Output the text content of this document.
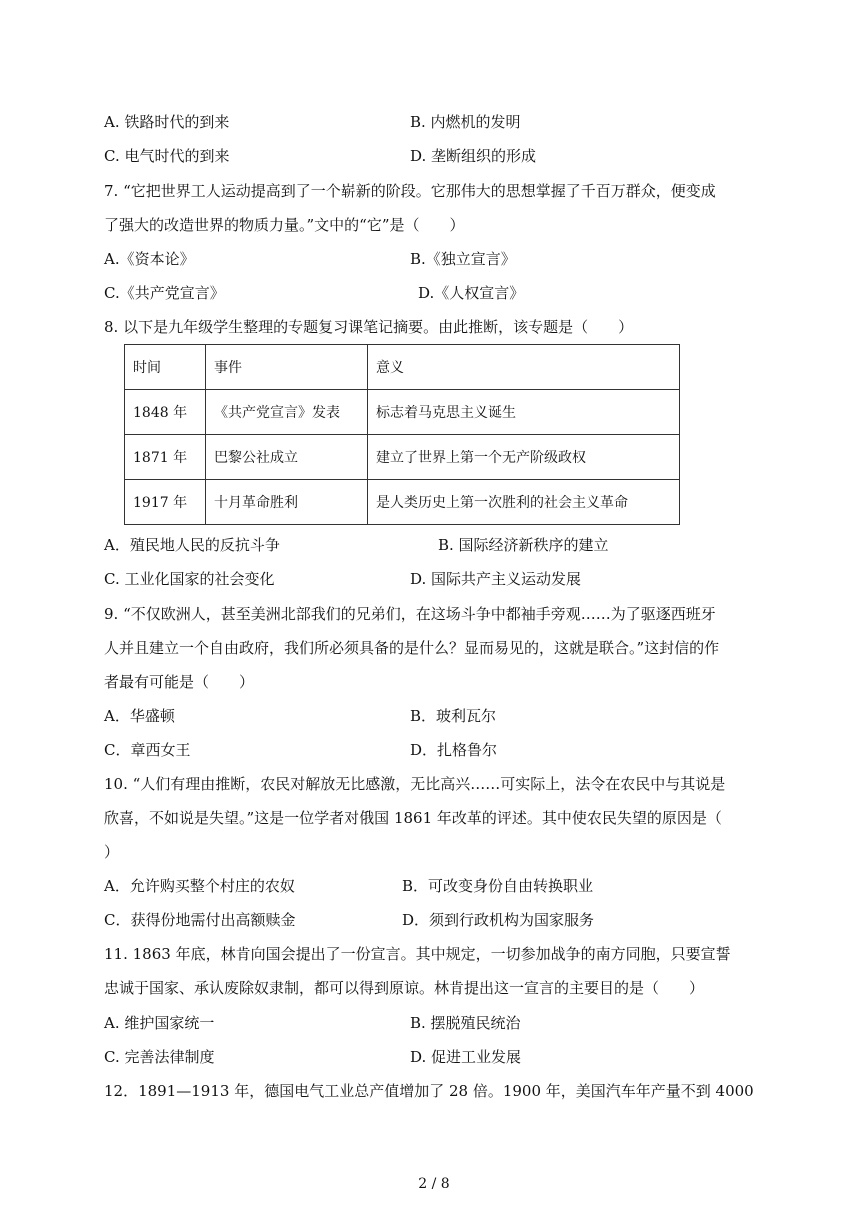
A. 铁路时代的到来	B. 内燃机的发明
C. 电气时代的到来	D. 垄断组织的形成
7. “它把世界工人运动提高到了一个崭新的阶段。它那伟大的思想掌握了千百万群众，便变成
了强大的改造世界的物质力量。”文中的“它”是（　　）
A.《资本论》	B.《独立宣言》
C.《共产党宣言》	D.《人权宣言》
8. 以下是九年级学生整理的专题复习课笔记摘要。由此推断，该专题是（　　）
时间	事件	意义
1848 年	《共产党宣言》发表	标志着马克思主义诞生
1871 年	巴黎公社成立	建立了世界上第一个无产阶级政权
1917 年	十月革命胜利	是人类历史上第一次胜利的社会主义革命
A．殖民地人民的反抗斗争	B. 国际经济新秩序的建立
C. 工业化国家的社会变化	D. 国际共产主义运动发展
9. “不仅欧洲人，甚至美洲北部我们的兄弟们，在这场斗争中都袖手旁观……为了驱逐西班牙
人并且建立一个自由政府，我们所必须具备的是什么？显而易见的，这就是联合。”这封信的作
者最有可能是（　　）
A．华盛顿	B．玻利瓦尔
C．章西女王	D．扎格鲁尔
10. “人们有理由推断，农民对解放无比感激，无比高兴……可实际上，法令在农民中与其说是
欣喜，不如说是失望。”这是一位学者对俄国 1861 年改革的评述。其中使农民失望的原因是（
）
A．允许购买整个村庄的农奴	B．可改变身份自由转换职业
C．获得份地需付出高额赎金	D．须到行政机构为国家服务
11. 1863 年底，林肯向国会提出了一份宣言。其中规定，一切参加战争的南方同胞，只要宣誓
忠诚于国家、承认废除奴隶制，都可以得到原谅。林肯提出这一宣言的主要目的是（　　）
A. 维护国家统一	B. 摆脱殖民统治
C. 完善法律制度	D. 促进工业发展
12．1891—1913 年，德国电气工业总产值增加了 28 倍。1900 年，美国汽车年产量不到 4000
2 / 8
